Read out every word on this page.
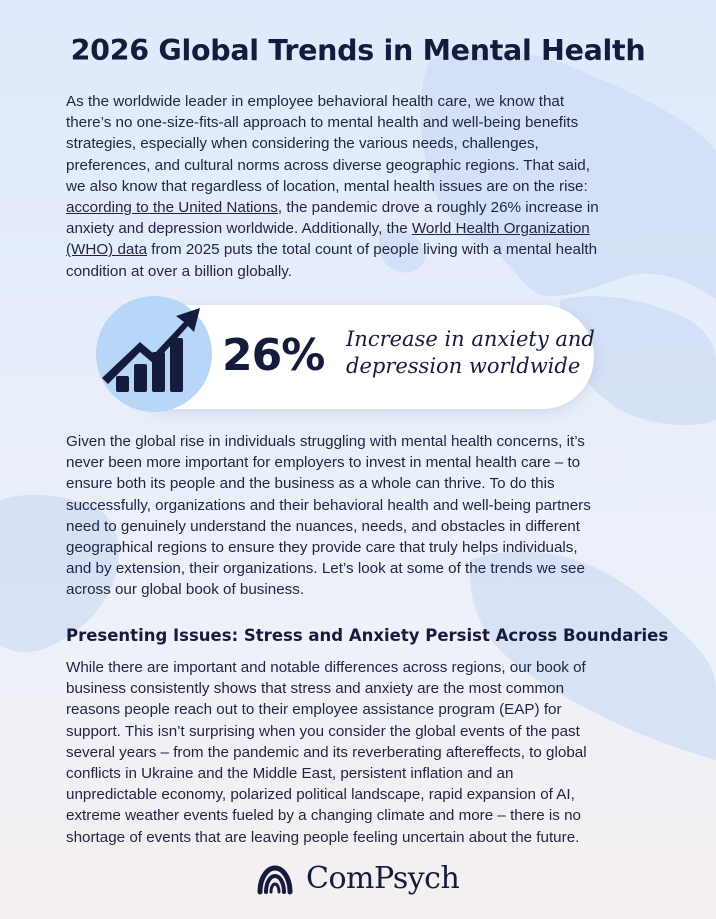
2026 Global Trends in Mental Health

As the worldwide leader in employee behavioral health care, we know that
there’s no one-size-fits-all approach to mental health and well-being benefits
strategies, especially when considering the various needs, challenges,
preferences, and cultural norms across diverse geographic regions. That said,
we also know that regardless of location, mental health issues are on the rise:
according to the United Nations, the pandemic drove a roughly 26% increase in
anxiety and depression worldwide. Additionally, the World Health Organization
(WHO) data from 2025 puts the total count of people living with a mental health
condition at over a billion globally.

26% Increase in anxiety and
depression worldwide

Given the global rise in individuals struggling with mental health concerns, it’s
never been more important for employers to invest in mental health care – to
ensure both its people and the business as a whole can thrive. To do this
successfully, organizations and their behavioral health and well-being partners
need to genuinely understand the nuances, needs, and obstacles in different
geographical regions to ensure they provide care that truly helps individuals,
and by extension, their organizations. Let’s look at some of the trends we see
across our global book of business.

Presenting Issues: Stress and Anxiety Persist Across Boundaries

While there are important and notable differences across regions, our book of
business consistently shows that stress and anxiety are the most common
reasons people reach out to their employee assistance program (EAP) for
support. This isn’t surprising when you consider the global events of the past
several years – from the pandemic and its reverberating aftereffects, to global
conflicts in Ukraine and the Middle East, persistent inflation and an
unpredictable economy, polarized political landscape, rapid expansion of AI,
extreme weather events fueled by a changing climate and more – there is no
shortage of events that are leaving people feeling uncertain about the future.

ComPsych
